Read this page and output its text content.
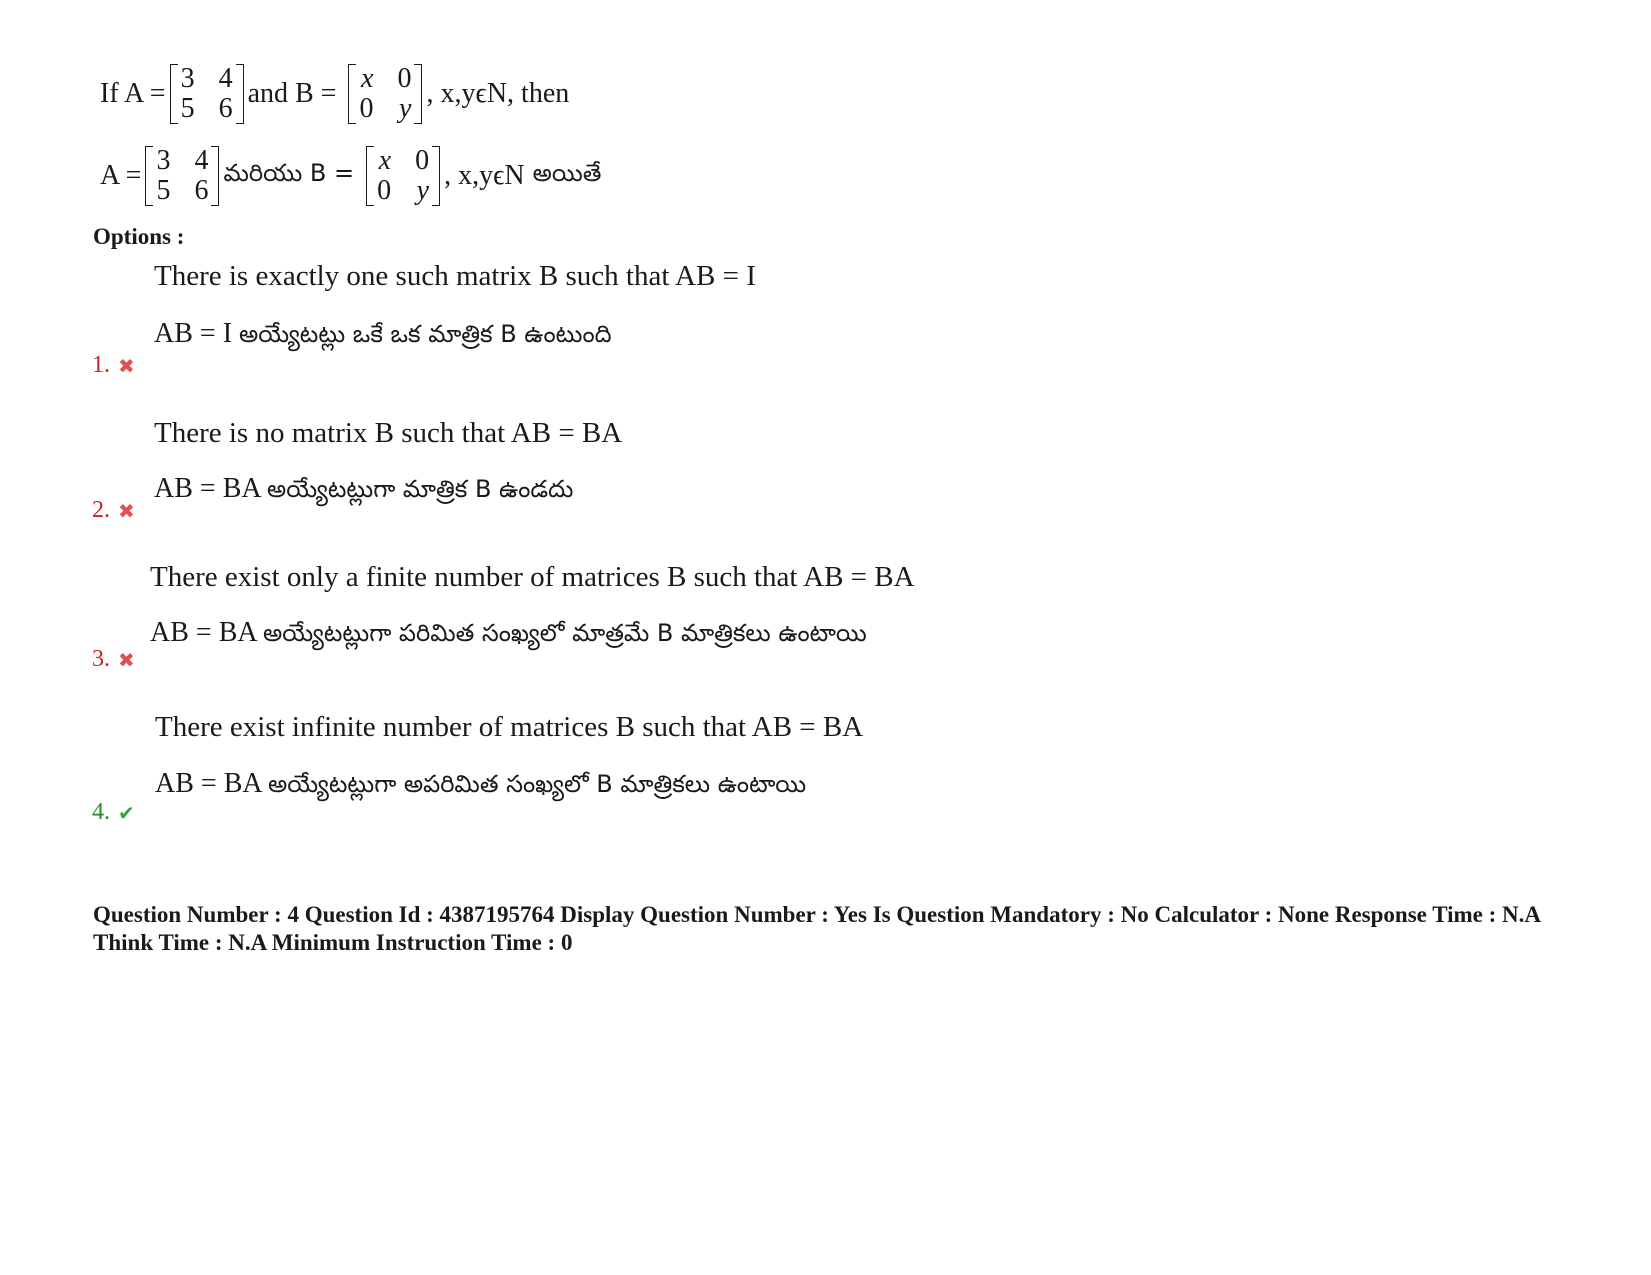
If A = 3 4
5 6 and B = x 0
0 y , x,yϵN, then
A = 3 4
5 6
మరియు B = x 0
0 y , x,yϵN అయితే
Options :
There is exactly one such matrix B such that AB = I
AB = I అయ్యేటట్లు ఒకే ఒక మాత్రిక B ఉంటుంది
1. ✖
There is no matrix B such that AB = BA
AB = BA అయ్యేటట్లుగా మాత్రిక B ఉండదు
2. ✖
There exist only a finite number of matrices B such that AB = BA
AB = BA అయ్యేటట్లుగా పరిమిత సంఖ్యలో మాత్రమే B మాత్రికలు ఉంటాయి
3. ✖
There exist infinite number of matrices B such that AB = BA
AB = BA అయ్యేటట్లుగా అపరిమిత సంఖ్యలో B మాత్రికలు ఉంటాయి
4. ✔
Question Number : 4 Question Id : 4387195764 Display Question Number : Yes Is Question Mandatory : No Calculator : None Response Time : N.A Think Time : N.A Minimum Instruction Time : 0
